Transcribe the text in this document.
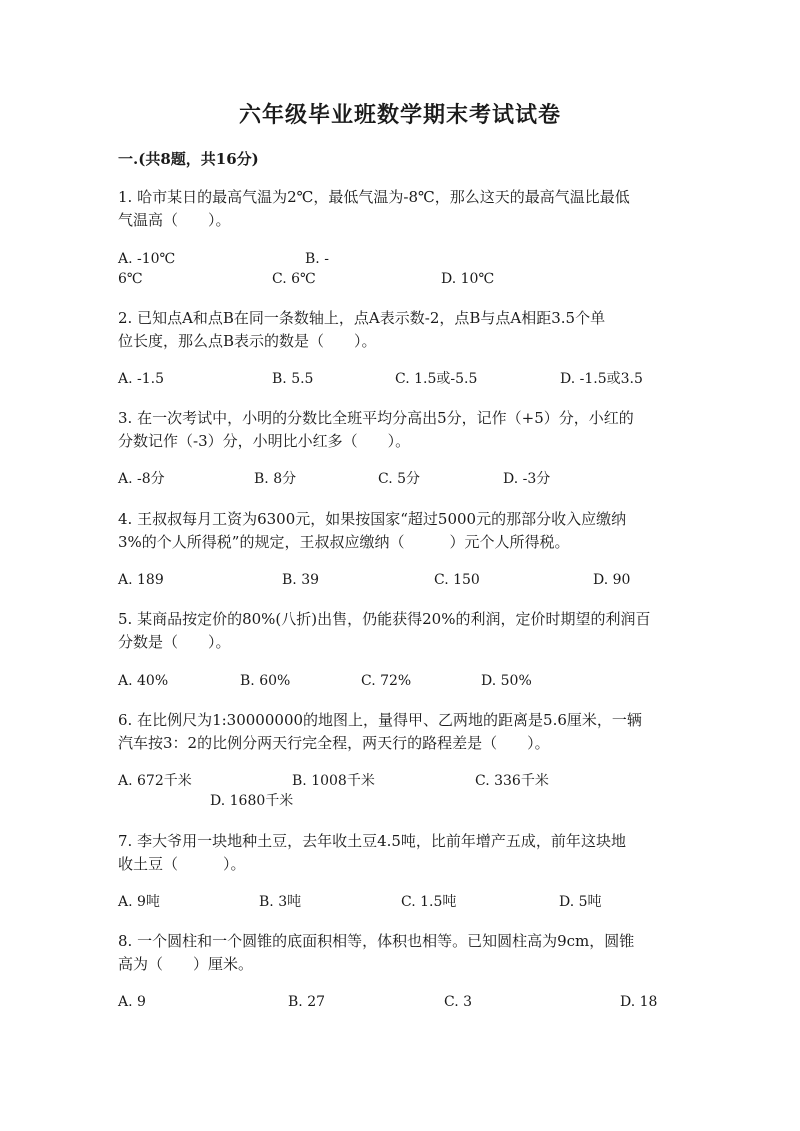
六年级毕业班数学期末考试试卷
一.(共8题，共16分)
1. 哈市某日的最高气温为2℃，最低气温为-8℃，那么这天的最高气温比最低
气温高（　　）。
A. -10℃	B. -
6℃	C. 6℃	D. 10℃
2. 已知点A和点B在同一条数轴上，点A表示数-2，点B与点A相距3.5个单
位长度，那么点B表示的数是（　　）。
A. -1.5	B. 5.5	C. 1.5或-5.5	D. -1.5或3.5
3. 在一次考试中，小明的分数比全班平均分高出5分，记作（+5）分，小红的
分数记作（-3）分，小明比小红多（　　）。
A. -8分	B. 8分	C. 5分	D. -3分
4. 王叔叔每月工资为6300元，如果按国家“超过5000元的那部分收入应缴纳
3%的个人所得税”的规定，王叔叔应缴纳（　　　）元个人所得税。
A. 189	B. 39	C. 150	D. 90
5. 某商品按定价的80%(八折)出售，仍能获得20%的利润，定价时期望的利润百
分数是（　　）。
A. 40%	B. 60%	C. 72%	D. 50%
6. 在比例尺为1:30000000的地图上，量得甲、乙两地的距离是5.6厘米，一辆
汽车按3：2的比例分两天行完全程，两天行的路程差是（　　）。
A. 672千米	B. 1008千米	C. 336千米
D. 1680千米
7. 李大爷用一块地种土豆，去年收土豆4.5吨，比前年增产五成，前年这块地
收土豆（　　　）。
A. 9吨	B. 3吨	C. 1.5吨	D. 5吨
8. 一个圆柱和一个圆锥的底面积相等，体积也相等。已知圆柱高为9cm，圆锥
高为（　　）厘米。
A. 9	B. 27	C. 3	D. 18
